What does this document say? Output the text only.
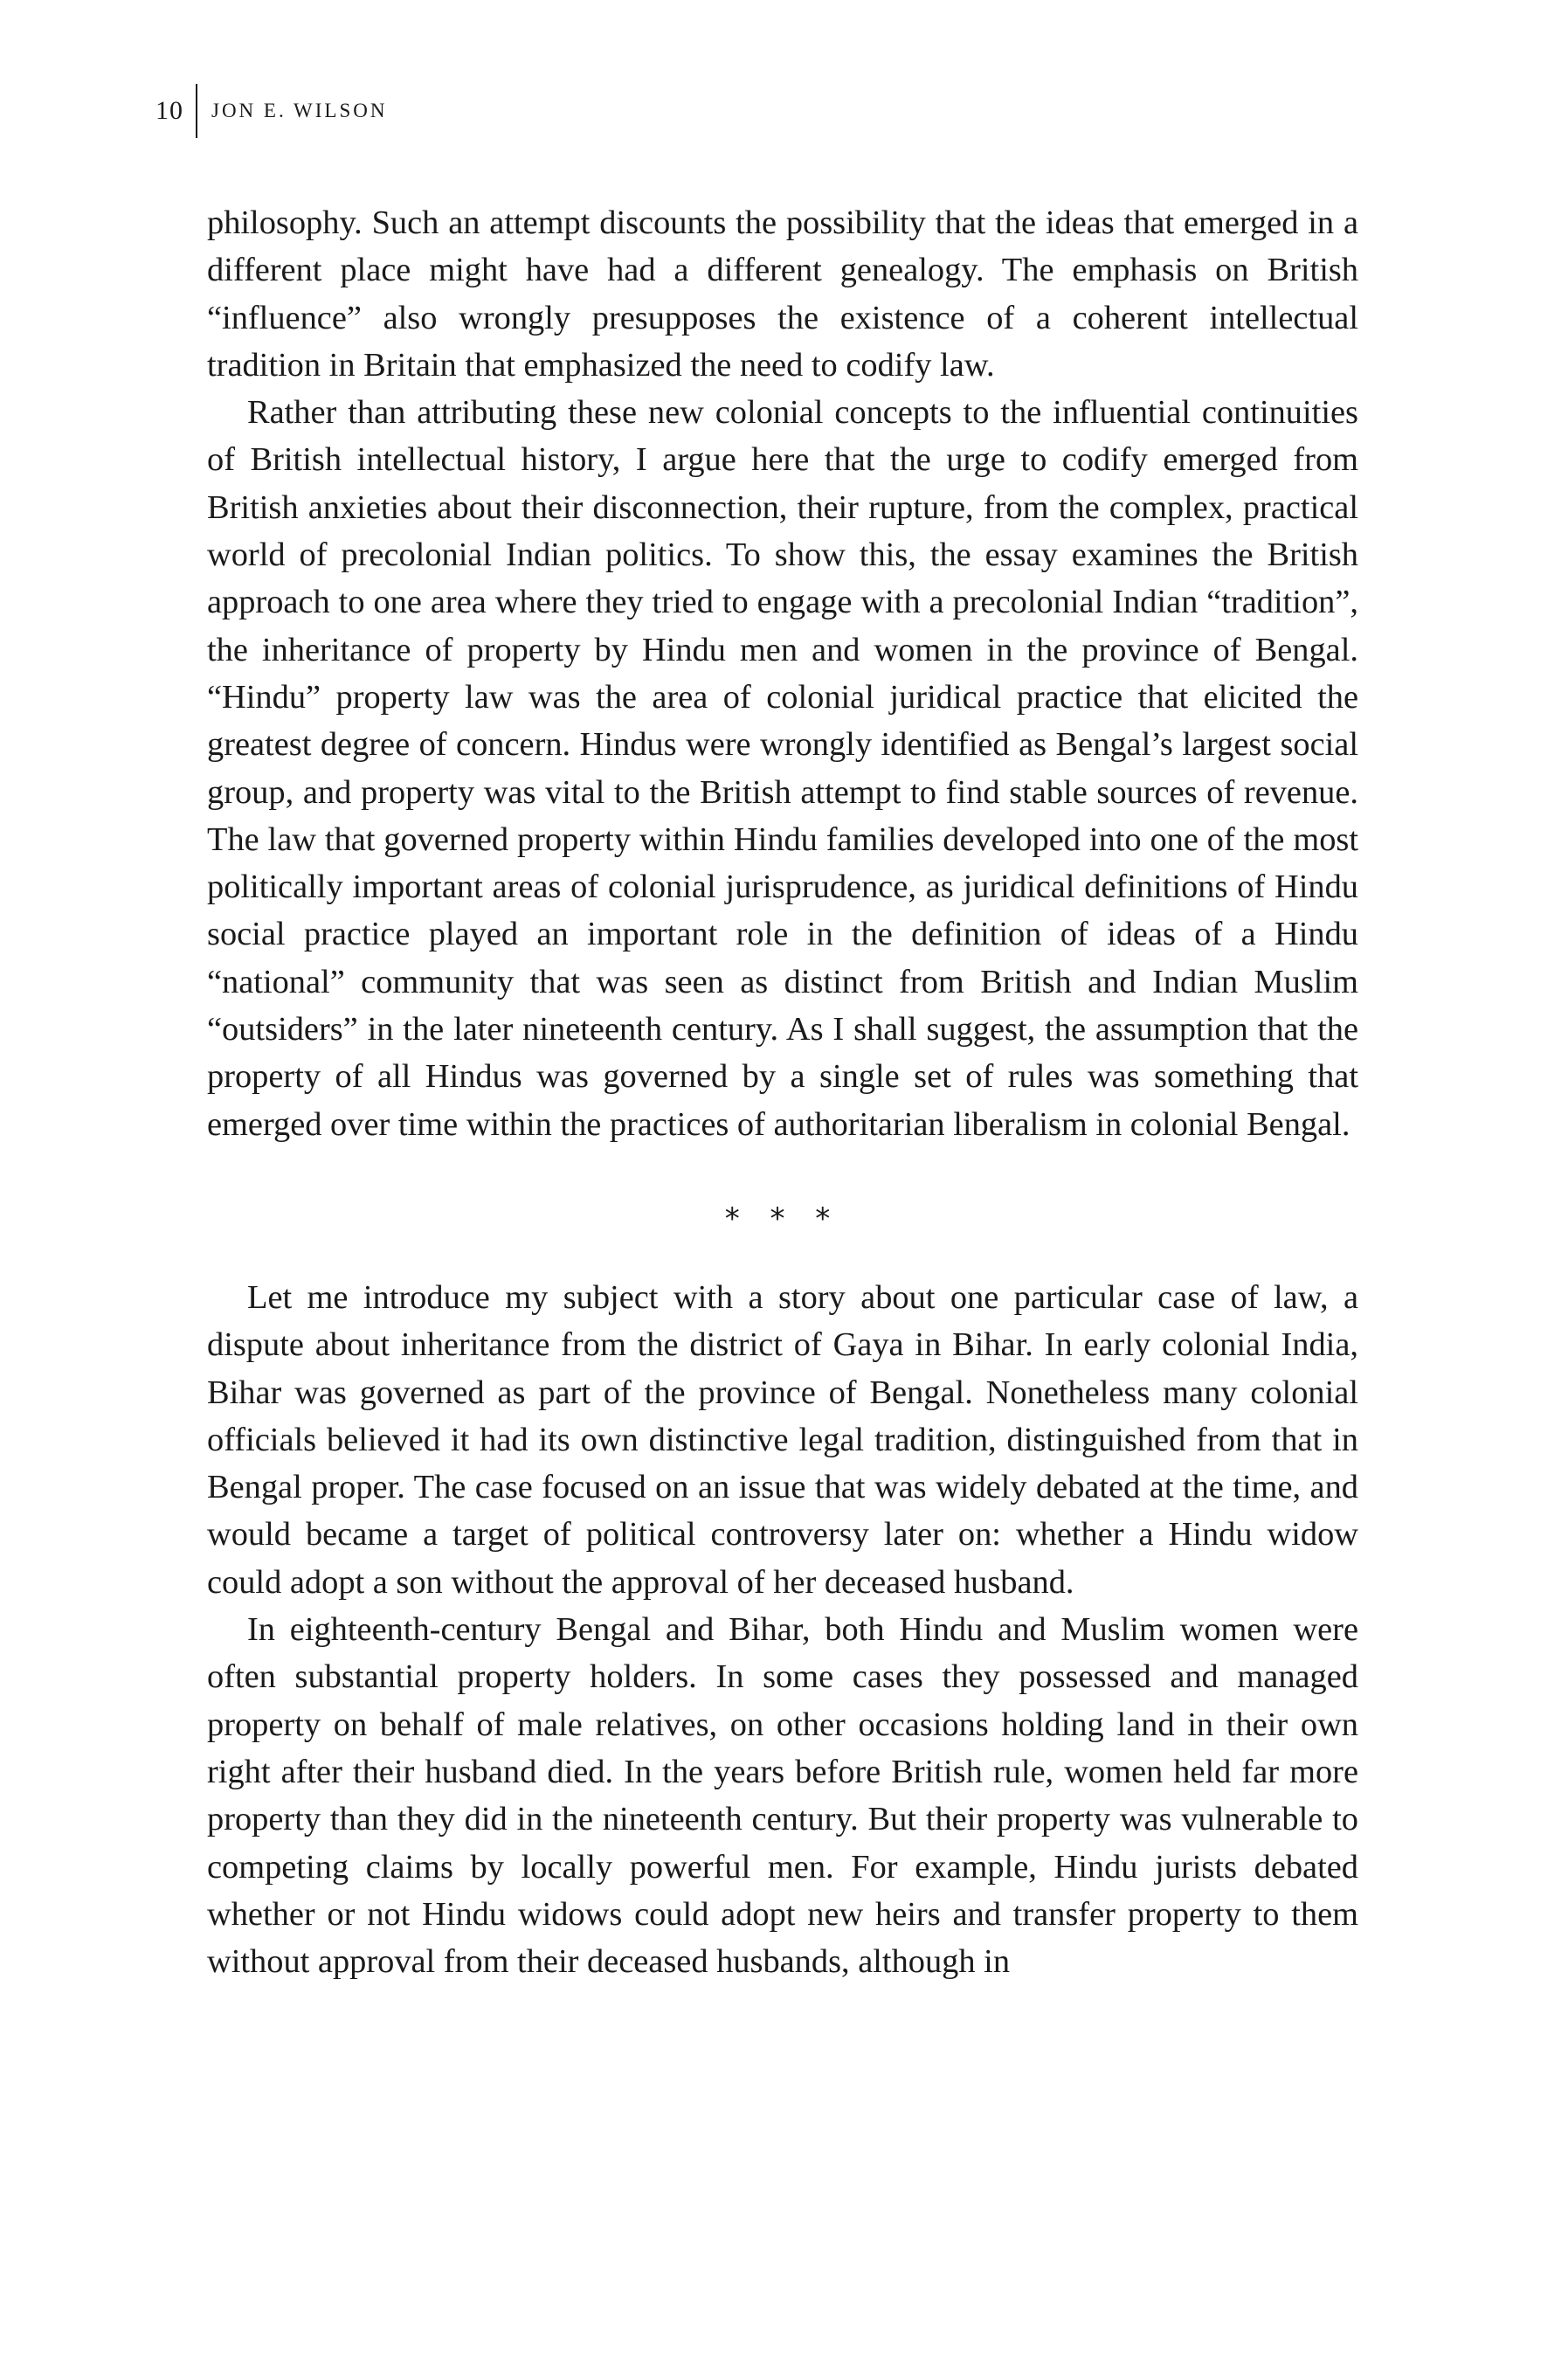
10	JON E. WILSON

philosophy. Such an attempt discounts the possibility that the ideas that emerged in a different place might have had a different genealogy. The emphasis on British “influence” also wrongly presupposes the existence of a coherent intellectual tradition in Britain that emphasized the need to codify law.

Rather than attributing these new colonial concepts to the influential continuities of British intellectual history, I argue here that the urge to codify emerged from British anxieties about their disconnection, their rupture, from the complex, practical world of precolonial Indian politics. To show this, the essay examines the British approach to one area where they tried to engage with a precolonial Indian “tradition”, the inheritance of property by Hindu men and women in the province of Bengal. “Hindu” property law was the area of colonial juridical practice that elicited the greatest degree of concern. Hindus were wrongly identified as Bengal’s largest social group, and property was vital to the British attempt to find stable sources of revenue. The law that governed property within Hindu families developed into one of the most politically important areas of colonial jurisprudence, as juridical definitions of Hindu social practice played an important role in the definition of ideas of a Hindu “national” community that was seen as distinct from British and Indian Muslim “outsiders” in the later nineteenth century. As I shall suggest, the assumption that the property of all Hindus was governed by a single set of rules was something that emerged over time within the practices of authoritarian liberalism in colonial Bengal.

* * *

Let me introduce my subject with a story about one particular case of law, a dispute about inheritance from the district of Gaya in Bihar. In early colonial India, Bihar was governed as part of the province of Bengal. Nonetheless many colonial officials believed it had its own distinctive legal tradition, distinguished from that in Bengal proper. The case focused on an issue that was widely debated at the time, and would became a target of political controversy later on: whether a Hindu widow could adopt a son without the approval of her deceased husband.

In eighteenth-century Bengal and Bihar, both Hindu and Muslim women were often substantial property holders. In some cases they possessed and managed property on behalf of male relatives, on other occasions holding land in their own right after their husband died. In the years before British rule, women held far more property than they did in the nineteenth century. But their property was vulnerable to competing claims by locally powerful men. For example, Hindu jurists debated whether or not Hindu widows could adopt new heirs and transfer property to them without approval from their deceased husbands, although in
